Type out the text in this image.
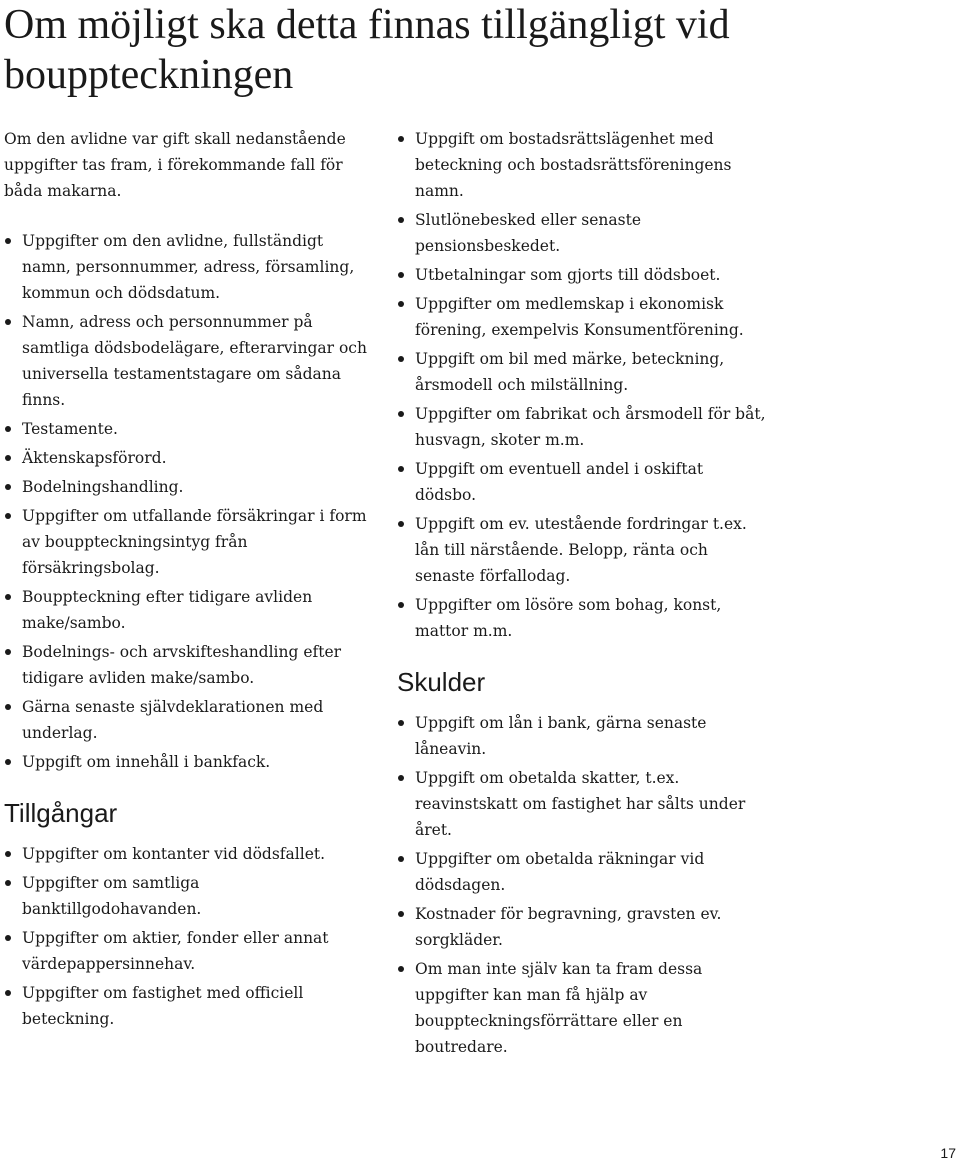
Om möjligt ska detta finnas tillgängligt vid bouppteckningen

Om den avlidne var gift skall nedanstående uppgifter tas fram, i förekommande fall för båda makarna.

Uppgifter om den avlidne, fullständigt namn, personnummer, adress, församling, kommun och dödsdatum.
Namn, adress och personnummer på samtliga dödsbodelägare, efterarvingar och universella testamentstagare om sådana finns.
Testamente.
Äktenskapsförord.
Bodelningshandling.
Uppgifter om utfallande försäkringar i form av bouppteckningsintyg från försäkringsbolag.
Bouppteckning efter tidigare avliden make/sambo.
Bodelnings- och arvskifteshandling efter tidigare avliden make/sambo.
Gärna senaste självdeklarationen med underlag.
Uppgift om innehåll i bankfack.
Tillgångar
Uppgifter om kontanter vid dödsfallet.
Uppgifter om samtliga banktillgodohavanden.
Uppgifter om aktier, fonder eller annat värdepappersinnehav.
Uppgifter om fastighet med officiell beteckning.
Uppgift om bostadsrättslägenhet med beteckning och bostadsrättsföreningens namn.
Slutlönebesked eller senaste pensionsbeskedet.
Utbetalningar som gjorts till dödsboet.
Uppgifter om medlemskap i ekonomisk förening, exempelvis Konsumentförening.
Uppgift om bil med märke, beteckning, årsmodell och milställning.
Uppgifter om fabrikat och årsmodell för båt, husvagn, skoter m.m.
Uppgift om eventuell andel i oskiftat dödsbo.
Uppgift om ev. utestående fordringar t.ex. lån till närstående. Belopp, ränta och senaste förfallodag.
Uppgifter om lösöre som bohag, konst, mattor m.m.
Skulder
Uppgift om lån i bank, gärna senaste låneavin.
Uppgift om obetalda skatter, t.ex. reavinstskatt om fastighet har sålts under året.
Uppgifter om obetalda räkningar vid dödsdagen.
Kostnader för begravning, gravsten ev. sorgkläder.
Om man inte själv kan ta fram dessa uppgifter kan man få hjälp av bouppteckningsförrättare eller en boutredare.
17
